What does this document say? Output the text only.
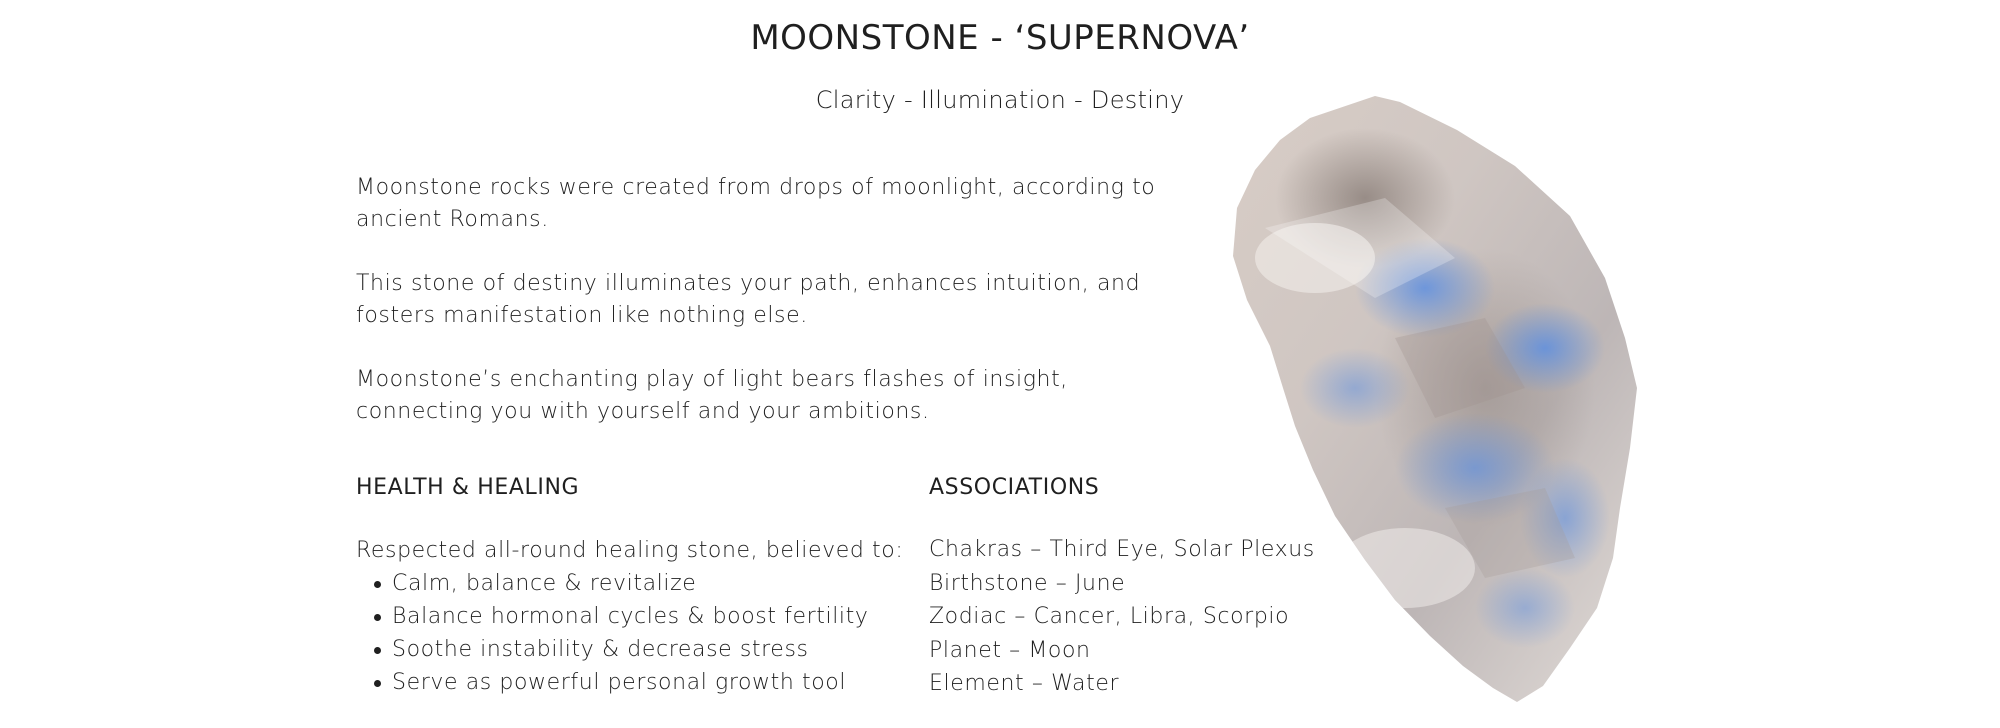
MOONSTONE - ‘SUPERNOVA’
Clarity - Illumination - Destiny

Moonstone rocks were created from drops of moonlight, according to ancient Romans.

This stone of destiny illuminates your path, enhances intuition, and fosters manifestation like nothing else.

Moonstone’s enchanting play of light bears flashes of insight, connecting you with yourself and your ambitions.

HEALTH & HEALING

Respected all-round healing stone, believed to:

Calm, balance & revitalize
Balance hormonal cycles & boost fertility
Soothe instability & decrease stress
Serve as powerful personal growth tool
ASSOCIATIONS
Chakras – Third Eye, Solar Plexus
Birthstone – June
Zodiac – Cancer, Libra, Scorpio
Planet – Moon
Element – Water
